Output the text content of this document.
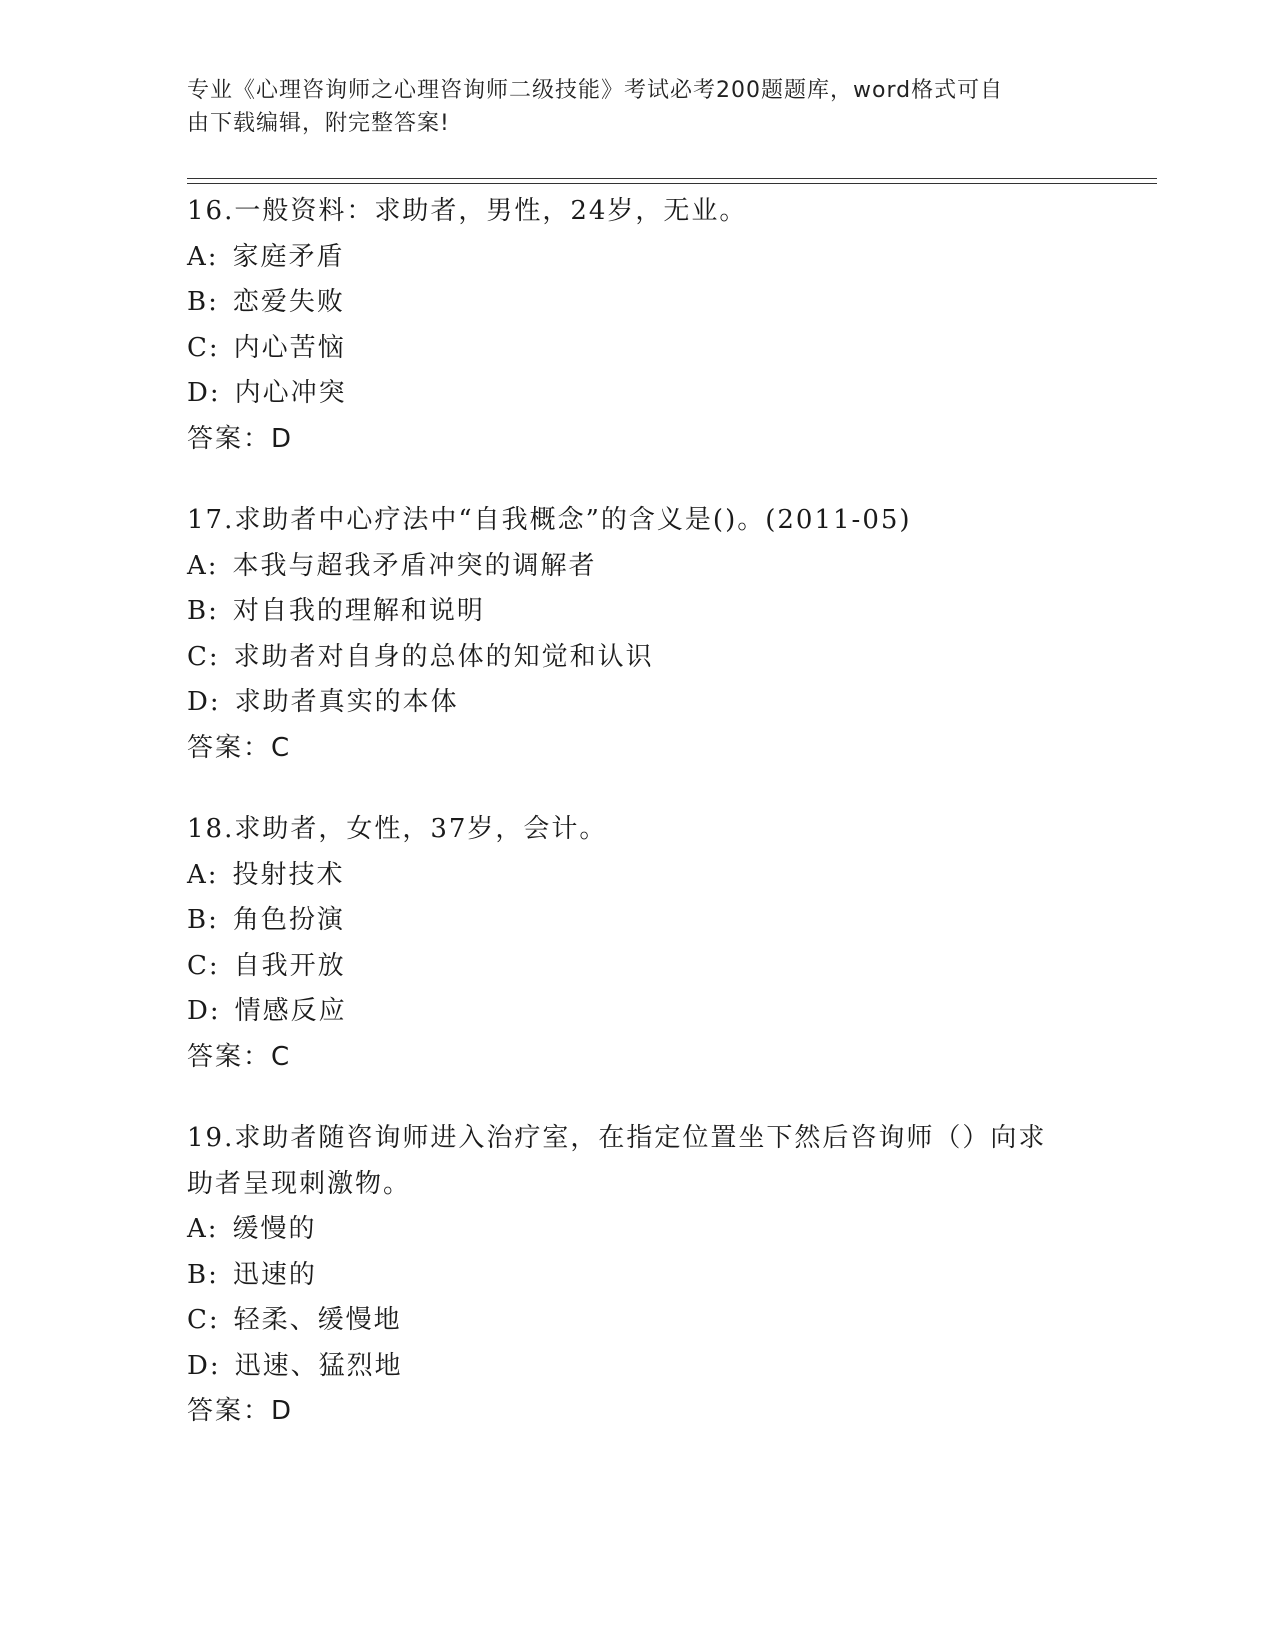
专业《心理咨询师之心理咨询师二级技能》考试必考200题题库，word格式可自
由下载编辑，附完整答案!
16.一般资料：求助者，男性，24岁，无业。
A: 家庭矛盾
B: 恋爱失败
C: 内心苦恼
D: 内心冲突
答案：D
17.求助者中心疗法中“自我概念”的含义是()。(2011-05)
A: 本我与超我矛盾冲突的调解者
B: 对自我的理解和说明
C: 求助者对自身的总体的知觉和认识
D: 求助者真实的本体
答案：C
18.求助者，女性，37岁，会计。
A: 投射技术
B: 角色扮演
C: 自我开放
D: 情感反应
答案：C
19.求助者随咨询师进入治疗室，在指定位置坐下然后咨询师（）向求
助者呈现刺激物。
A: 缓慢的
B: 迅速的
C: 轻柔、缓慢地
D: 迅速、猛烈地
答案：D
